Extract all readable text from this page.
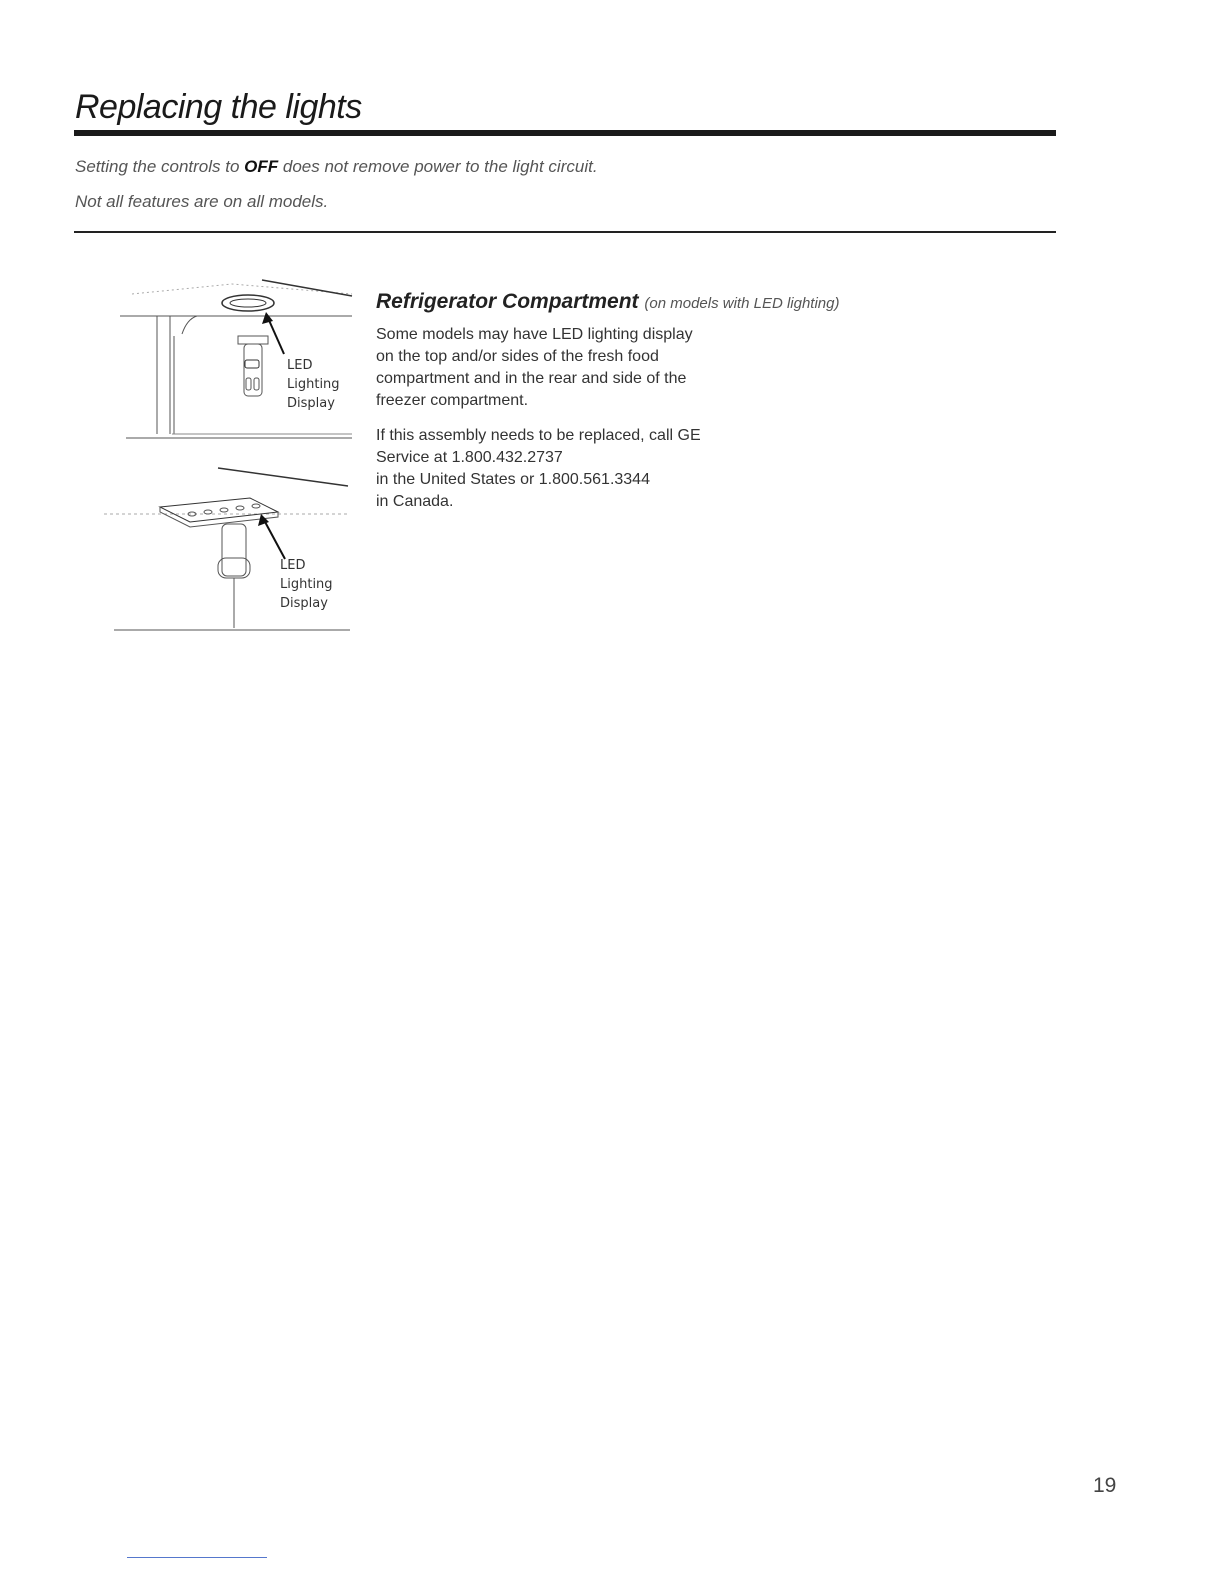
Replacing the lights

Setting the controls to OFF does not remove power to the light circuit.

Not all features are on all models.

LED
Lighting
Display

LED
Lighting
Display

Refrigerator Compartment (on models with LED lighting)

Some models may have LED lighting display
on the top and/or sides of the fresh food
compartment and in the rear and side of the
freezer compartment.

If this assembly needs to be replaced, call GE
Service at 1.800.432.2737
in the United States or 1.800.561.3344
in Canada.

19
